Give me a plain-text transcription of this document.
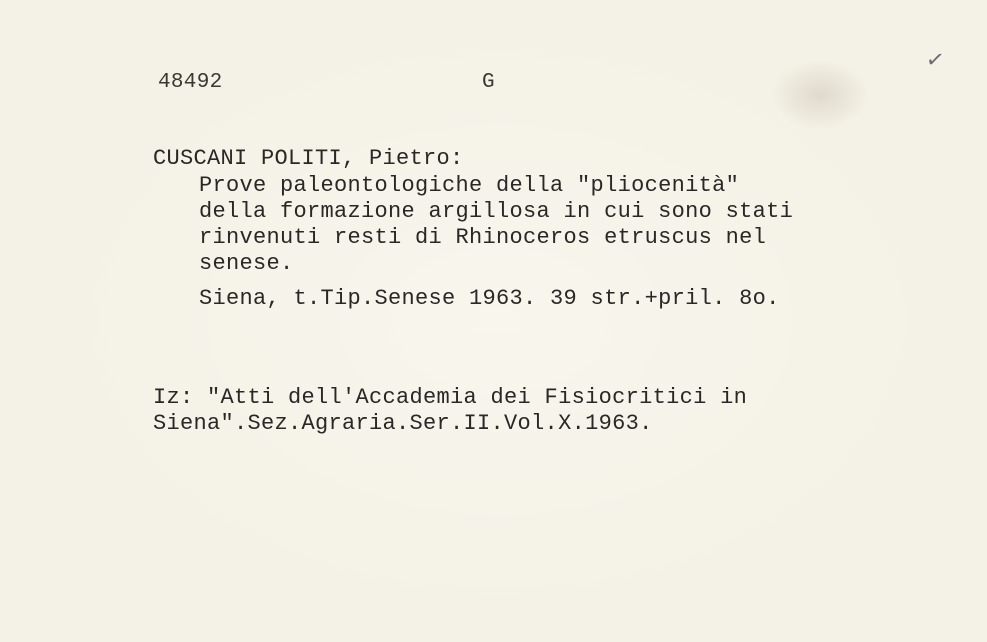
48492	G
✓
CUSCANI POLITI, Pietro:
Prove paleontologiche della "pliocenità"
della formazione argillosa in cui sono stati
rinvenuti resti di Rhinoceros etruscus nel
senese.
Siena, t.Tip.Senese 1963. 39 str.+pril. 8o.
Iz: "Atti dell'Accademia dei Fisiocritici in
Siena".Sez.Agraria.Ser.II.Vol.X.1963.
